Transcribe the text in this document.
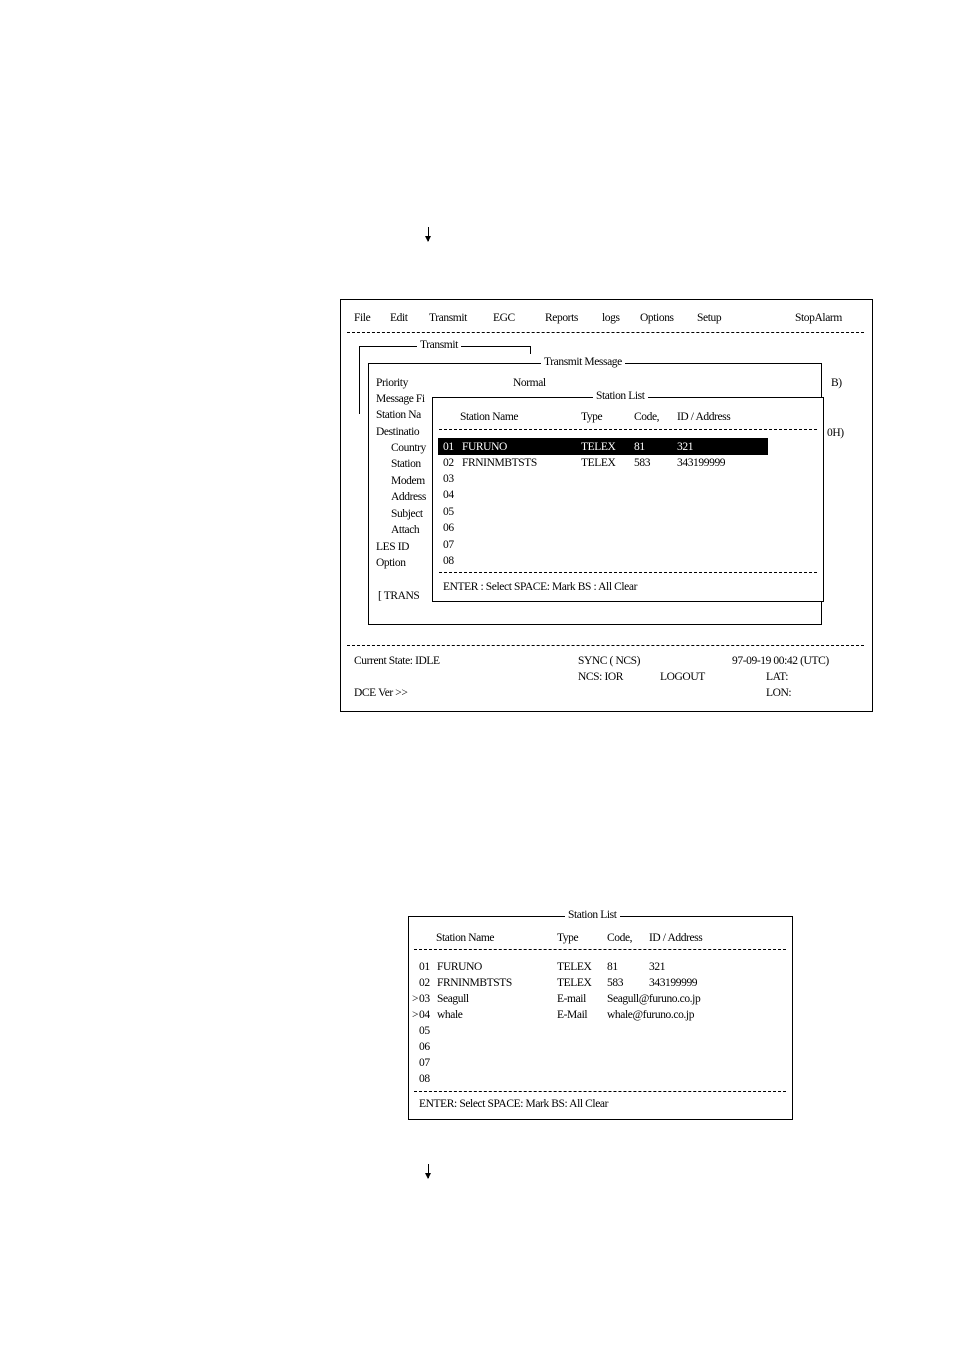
File Edit Transmit EGC	Reports logs Options Setup	StopAlarm
Transmit
Transmit Message
Priority	Normal
Message Fi
Station Na
Destinatio
Country
Station
Modem
Address
Subject
Attach
LES ID
Option
[ TRANS
B)
0H)
Station List
Station Name	Type	Code, ID / Address
01 FURUNO	TELEX 81	321
02 FRNINMBTSTS	TELEX 583 343199999
03
04
05
06
07
08
ENTER : Select SPACE: Mark BS : All Clear
Current State: IDLE	SYNC ( NCS)	97-09-19 00:42 (UTC)
NCS: IOR	LOGOUT	LAT:
DCE Ver >>	LON:
Station List
Station Name	Type	Code, ID / Address
01 FURUNO	TELEX 81	321
02 FRNINMBTSTS	TELEX 583 343199999
> 03 Seagull	E-mail Seagull@furuno.co.jp
> 04 whale	E-Mail whale@furuno.co.jp
05
06
07
08
ENTER: Select SPACE: Mark BS: All Clear
